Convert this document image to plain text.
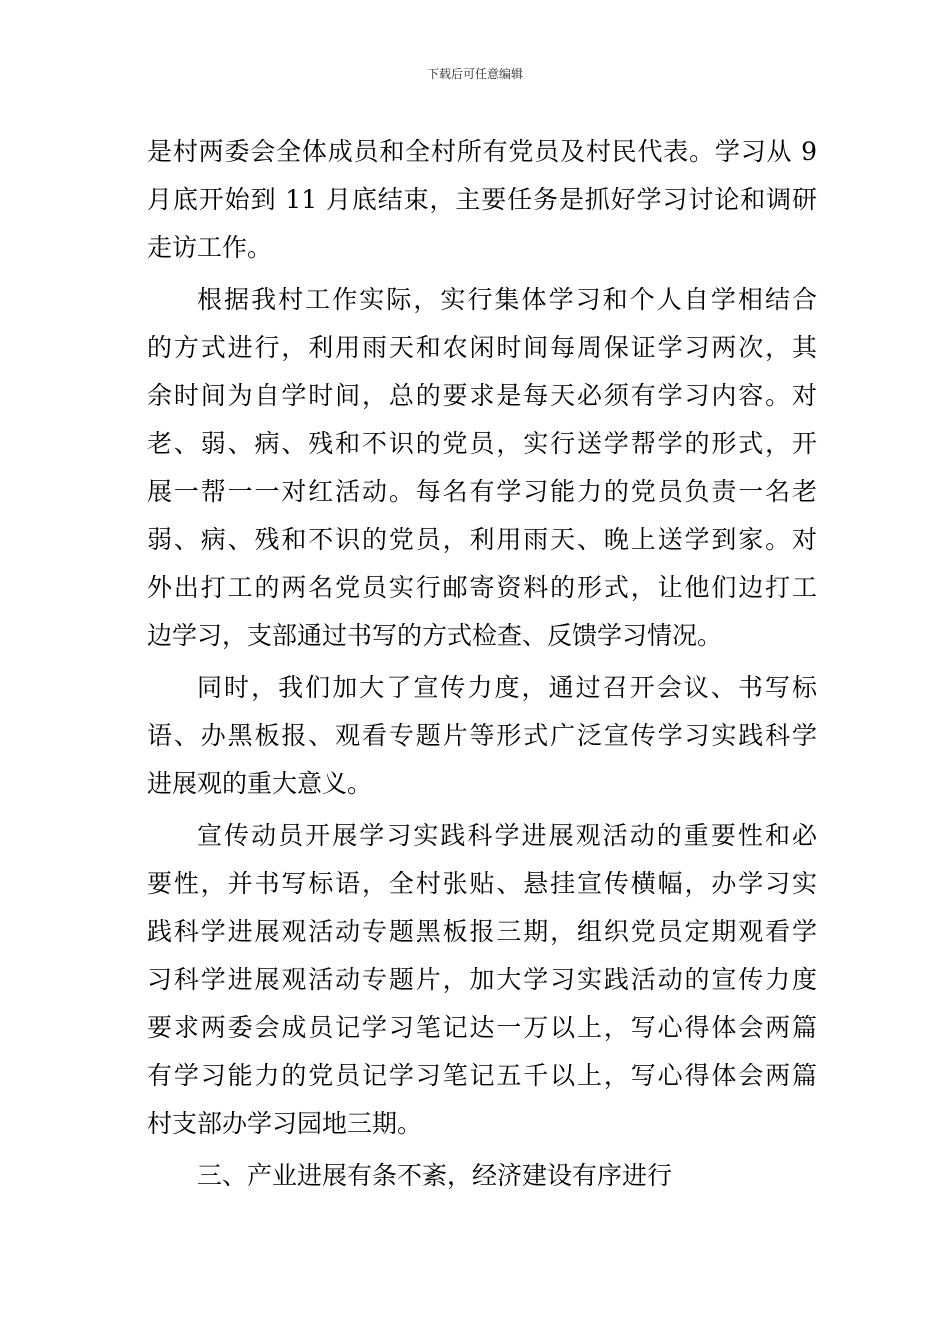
下载后可任意编辑
是村两委会全体成员和全村所有党员及村民代表。学习从 9
月底开始到 11 月底结束，主要任务是抓好学习讨论和调研
走访工作。
根据我村工作实际，实行集体学习和个人自学相结合
的方式进行，利用雨天和农闲时间每周保证学习两次，其
余时间为自学时间，总的要求是每天必须有学习内容。对
老、弱、病、残和不识的党员，实行送学帮学的形式，开
展一帮一一对红活动。每名有学习能力的党员负责一名老
弱、病、残和不识的党员，利用雨天、晚上送学到家。对
外出打工的两名党员实行邮寄资料的形式，让他们边打工
边学习，支部通过书写的方式检查、反馈学习情况。
同时，我们加大了宣传力度，通过召开会议、书写标
语、办黑板报、观看专题片等形式广泛宣传学习实践科学
进展观的重大意义。
宣传动员开展学习实践科学进展观活动的重要性和必
要性，并书写标语，全村张贴、悬挂宣传横幅，办学习实
践科学进展观活动专题黑板报三期，组织党员定期观看学
习科学进展观活动专题片，加大学习实践活动的宣传力度
要求两委会成员记学习笔记达一万以上，写心得体会两篇
有学习能力的党员记学习笔记五千以上，写心得体会两篇
村支部办学习园地三期。
三、产业进展有条不紊，经济建设有序进行
